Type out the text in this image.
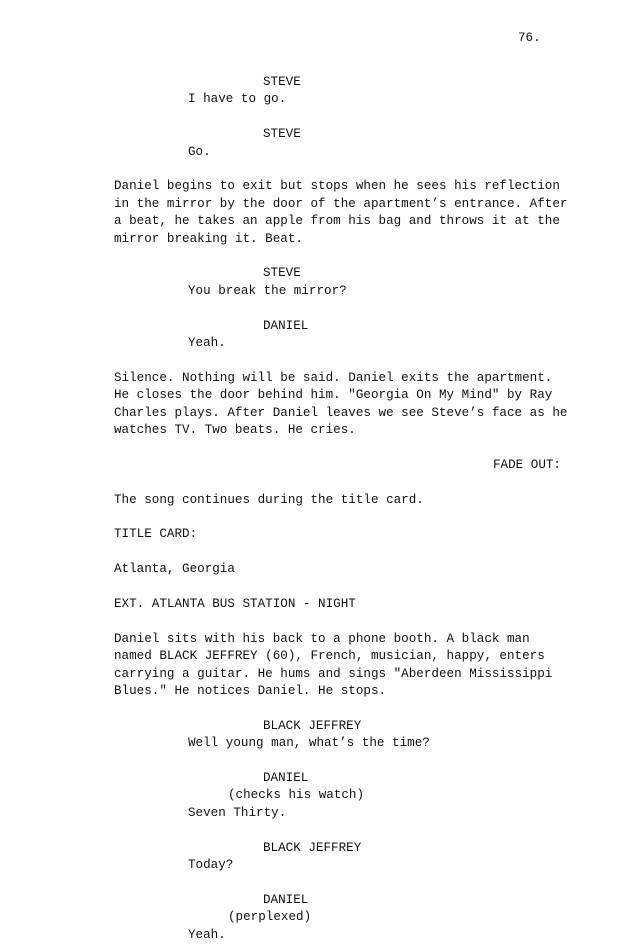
76.
STEVE
I have to go.
STEVE
Go.
Daniel begins to exit but stops when he sees his reflection
in the mirror by the door of the apartment’s entrance. After
a beat, he takes an apple from his bag and throws it at the
mirror breaking it. Beat.
STEVE
You break the mirror?
DANIEL
Yeah.
Silence. Nothing will be said. Daniel exits the apartment.
He closes the door behind him. "Georgia On My Mind" by Ray
Charles plays. After Daniel leaves we see Steve’s face as he
watches TV. Two beats. He cries.
FADE OUT:
The song continues during the title card.
TITLE CARD:
Atlanta, Georgia
EXT. ATLANTA BUS STATION - NIGHT
Daniel sits with his back to a phone booth. A black man
named BLACK JEFFREY (60), French, musician, happy, enters
carrying a guitar. He hums and sings "Aberdeen Mississippi
Blues." He notices Daniel. He stops.
BLACK JEFFREY
Well young man, what’s the time?
DANIEL
(checks his watch)
Seven Thirty.
BLACK JEFFREY
Today?
DANIEL
(perplexed)
Yeah.
